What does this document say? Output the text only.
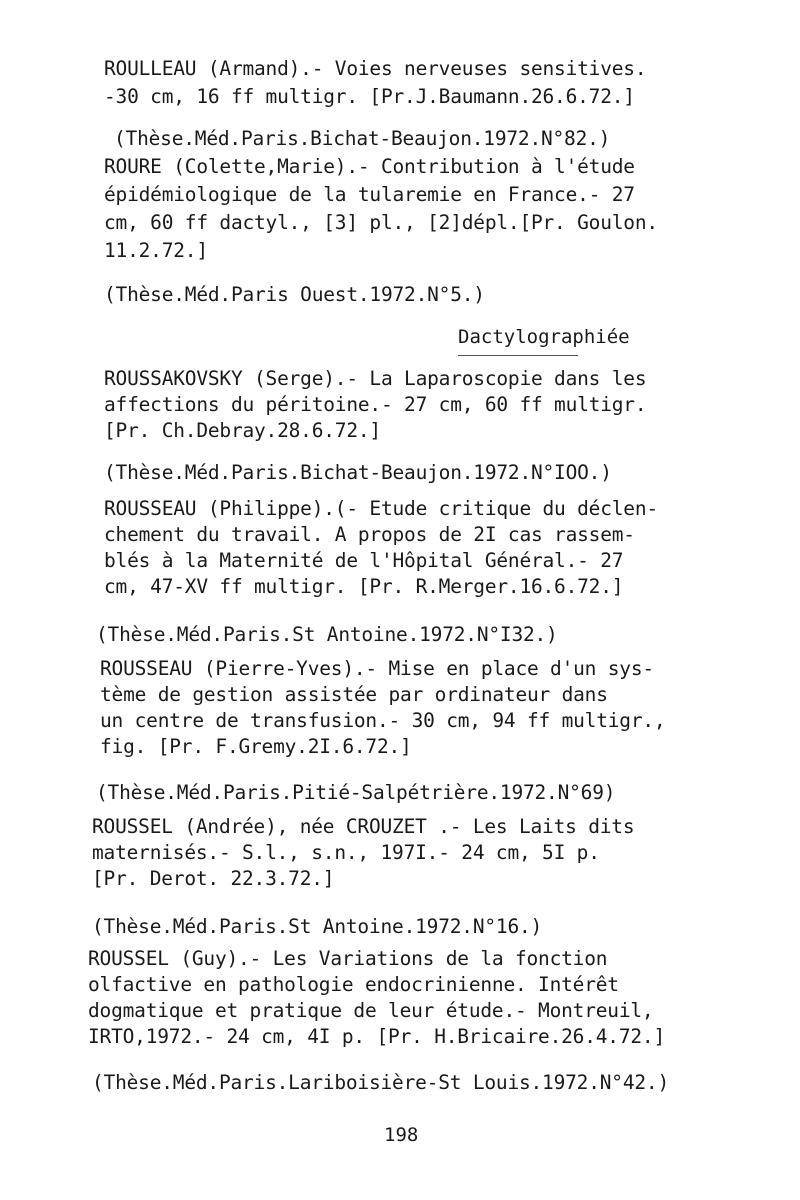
ROULLEAU (Armand).- Voies nerveuses sensitives.
-30 cm, 16 ff multigr. [Pr.J.Baumann.26.6.72.]
(Thèse.Méd.Paris.Bichat-Beaujon.1972.N°82.)
ROURE (Colette,Marie).- Contribution à l'étude
épidémiologique de la tularemie en France.- 27
cm, 60 ff dactyl., [3] pl., [2]dépl.[Pr. Goulon.
11.2.72.]
(Thèse.Méd.Paris Ouest.1972.N°5.)
Dactylographiée
ROUSSAKOVSKY (Serge).- La Laparoscopie dans les
affections du péritoine.- 27 cm, 60 ff multigr.
[Pr. Ch.Debray.28.6.72.]
(Thèse.Méd.Paris.Bichat-Beaujon.1972.N°IOO.)
ROUSSEAU (Philippe).(- Etude critique du déclen-
chement du travail. A propos de 2I cas rassem-
blés à la Maternité de l'Hôpital Général.- 27
cm, 47-XV ff multigr. [Pr. R.Merger.16.6.72.]
(Thèse.Méd.Paris.St Antoine.1972.N°I32.)
ROUSSEAU (Pierre-Yves).- Mise en place d'un sys-
tème de gestion assistée par ordinateur dans
un centre de transfusion.- 30 cm, 94 ff multigr.,
fig. [Pr. F.Gremy.2I.6.72.]
(Thèse.Méd.Paris.Pitié-Salpétrière.1972.N°69)
ROUSSEL (Andrée), née CROUZET .- Les Laits dits
maternisés.- S.l., s.n., 197I.- 24 cm, 5I p.
[Pr. Derot. 22.3.72.]
(Thèse.Méd.Paris.St Antoine.1972.N°16.)
ROUSSEL (Guy).- Les Variations de la fonction
olfactive en pathologie endocrinienne. Intérêt
dogmatique et pratique de leur étude.- Montreuil,
IRTO,1972.- 24 cm, 4I p. [Pr. H.Bricaire.26.4.72.]
(Thèse.Méd.Paris.Lariboisière-St Louis.1972.N°42.)
198
